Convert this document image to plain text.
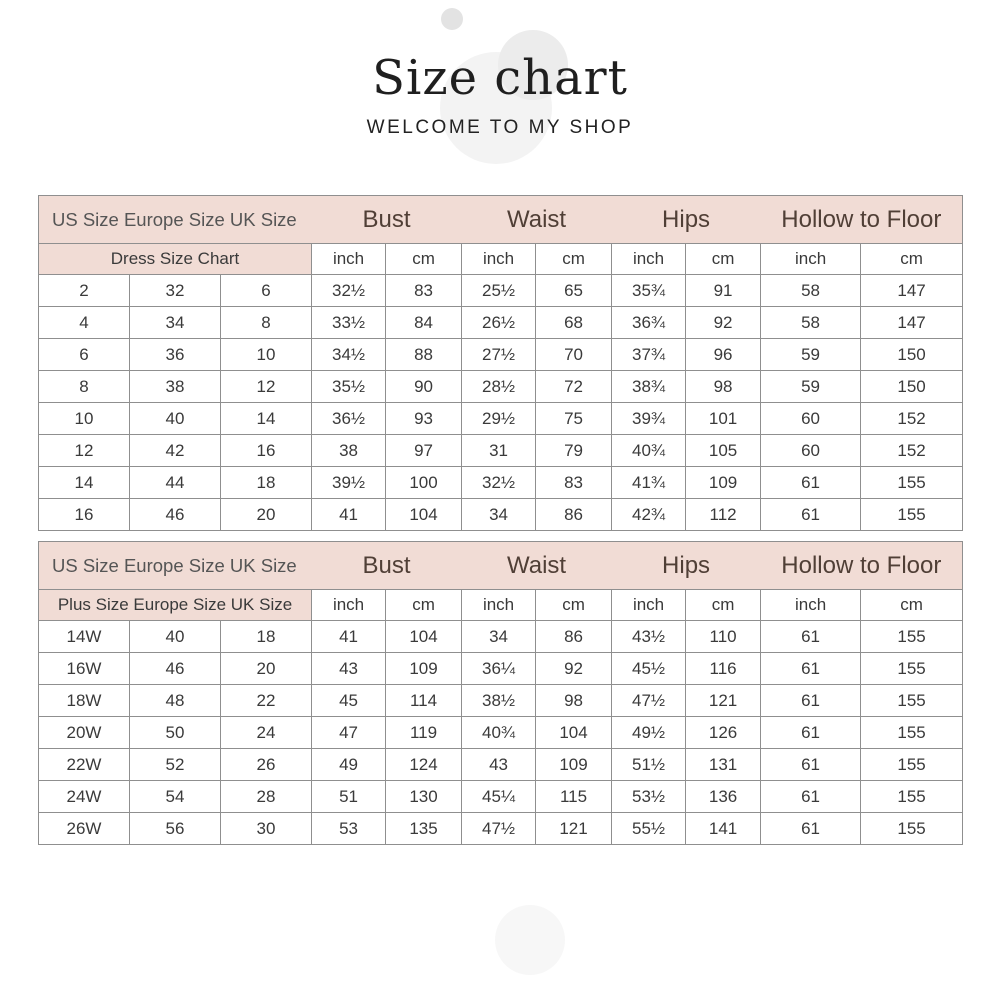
Size chart
WELCOME TO MY SHOP
US Size Europe Size UK Size			Bust		Waist		Hips		Hollow to Floor	
Dress Size Chart			inch	cm	inch	cm	inch	cm	inch	cm
2	32	6	32½	83	25½	65	35¾	91	58	147
4	34	8	33½	84	26½	68	36¾	92	58	147
6	36	10	34½	88	27½	70	37¾	96	59	150
8	38	12	35½	90	28½	72	38¾	98	59	150
10	40	14	36½	93	29½	75	39¾	101	60	152
12	42	16	38	97	31	79	40¾	105	60	152
14	44	18	39½	100	32½	83	41¾	109	61	155
16	46	20	41	104	34	86	42¾	112	61	155
US Size Europe Size UK Size			Bust		Waist		Hips		Hollow to Floor	
Plus Size Europe Size UK Size			inch	cm	inch	cm	inch	cm	inch	cm
14W	40	18	41	104	34	86	43½	110	61	155
16W	46	20	43	109	36¼	92	45½	116	61	155
18W	48	22	45	114	38½	98	47½	121	61	155
20W	50	24	47	119	40¾	104	49½	126	61	155
22W	52	26	49	124	43	109	51½	131	61	155
24W	54	28	51	130	45¼	115	53½	136	61	155
26W	56	30	53	135	47½	121	55½	141	61	155
